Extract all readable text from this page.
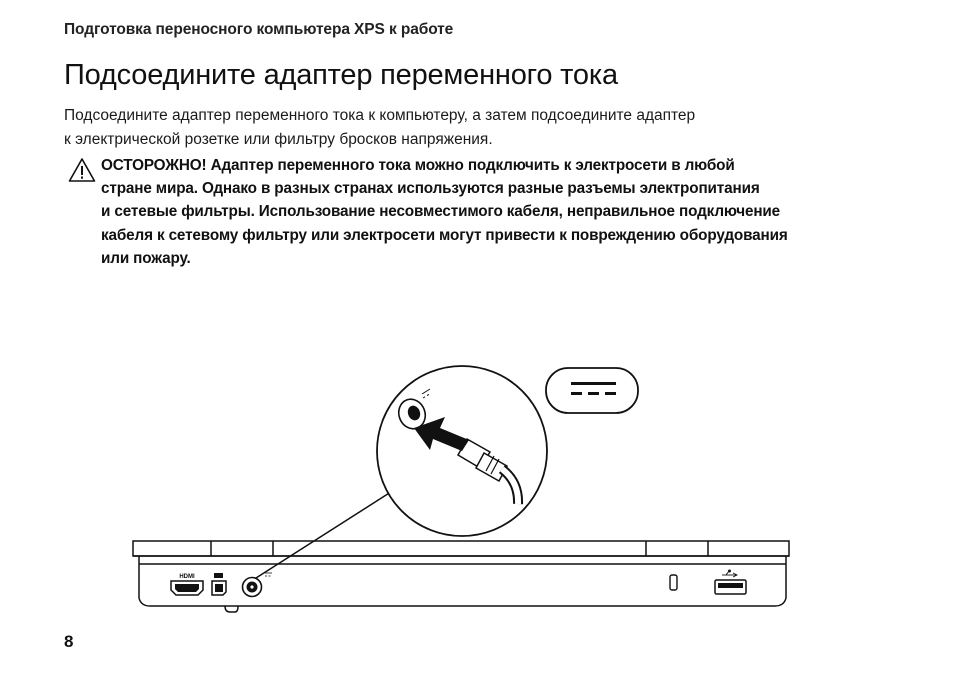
Подготовка переносного компьютера XPS к работе
Подсоедините адаптер переменного тока

Подсоедините адаптер переменного тока к компьютеру, а затем подсоедините адаптер

к электрической розетке или фильтру бросков напряжения.

ОСТОРОЖНО! Адаптер переменного тока можно подключить к электросети в любой
стране мира. Однако в разных странах используются разные разъемы электропитания
и сетевые фильтры. Использование несовместимого кабеля, неправильное подключение
кабеля к сетевому фильтру или электросети могут привести к повреждению оборудования
или пожару.
HDMI
8
